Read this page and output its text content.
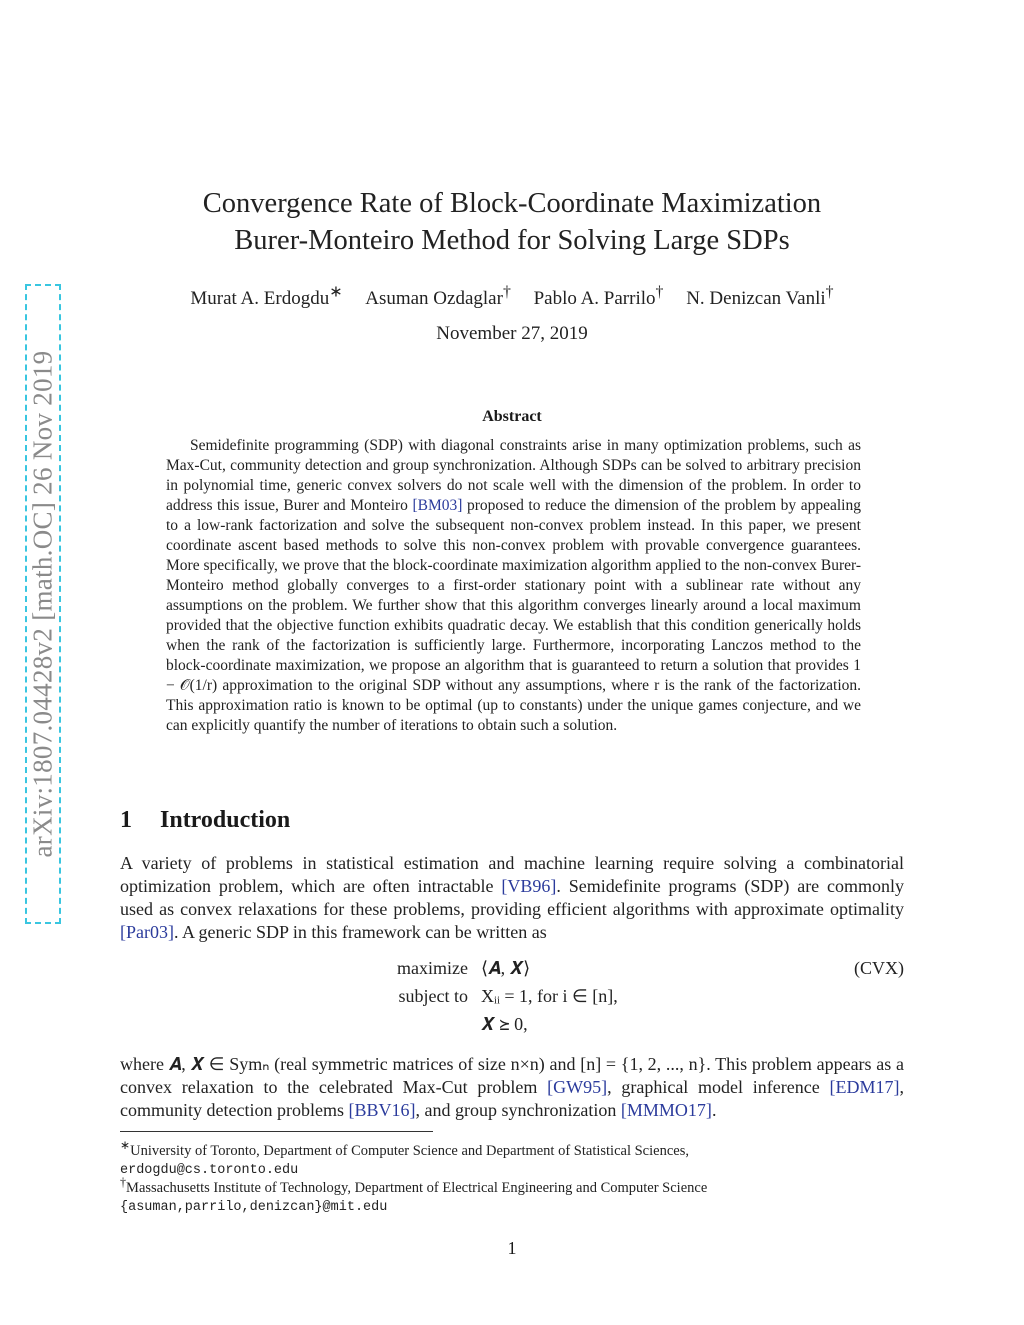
arXiv:1807.04428v2 [math.OC] 26 Nov 2019
Convergence Rate of Block-Coordinate Maximization
Burer-Monteiro Method for Solving Large SDPs
Murat A. Erdogdu∗ Asuman Ozdaglar† Pablo A. Parrilo† N. Denizcan Vanli†
November 27, 2019
Abstract
Semidefinite programming (SDP) with diagonal constraints arise in many optimization problems, such as Max-Cut, community detection and group synchronization. Although SDPs can be solved to arbitrary precision in polynomial time, generic convex solvers do not scale well with the dimension of the problem. In order to address this issue, Burer and Monteiro [BM03] proposed to reduce the dimension of the problem by appealing to a low-rank factorization and solve the subsequent non-convex problem instead. In this paper, we present coordinate ascent based methods to solve this non-convex problem with provable convergence guarantees. More specifically, we prove that the block-coordinate maximization algorithm applied to the non-convex Burer-Monteiro method globally converges to a first-order stationary point with a sublinear rate without any assumptions on the problem. We further show that this algorithm converges linearly around a local maximum provided that the objective function exhibits quadratic decay. We establish that this condition generically holds when the rank of the factorization is sufficiently large. Furthermore, incorporating Lanczos method to the block-coordinate maximization, we propose an algorithm that is guaranteed to return a solution that provides 1 − 𝒪(1/r) approximation to the original SDP without any assumptions, where r is the rank of the factorization. This approximation ratio is known to be optimal (up to constants) under the unique games conjecture, and we can explicitly quantify the number of iterations to obtain such a solution.
1 Introduction
A variety of problems in statistical estimation and machine learning require solving a combinatorial optimization problem, which are often intractable [VB96]. Semidefinite programs (SDP) are commonly used as convex relaxations for these problems, providing efficient algorithms with approximate optimality [Par03]. A generic SDP in this framework can be written as
maximize ⟨𝑨, 𝑿⟩	(CVX)
subject to Xᵢᵢ = 1, for i ∈ [n],
𝑿 ⪰ 0,
where 𝑨, 𝑿 ∈ Symₙ (real symmetric matrices of size n×n) and [n] = {1, 2, ..., n}. This problem appears as a convex relaxation to the celebrated Max-Cut problem [GW95], graphical model inference [EDM17], community detection problems [BBV16], and group synchronization [MMMO17].
∗University of Toronto, Department of Computer Science and Department of Statistical Sciences,
erdogdu@cs.toronto.edu
†Massachusetts Institute of Technology, Department of Electrical Engineering and Computer Science
{asuman,parrilo,denizcan}@mit.edu
1
